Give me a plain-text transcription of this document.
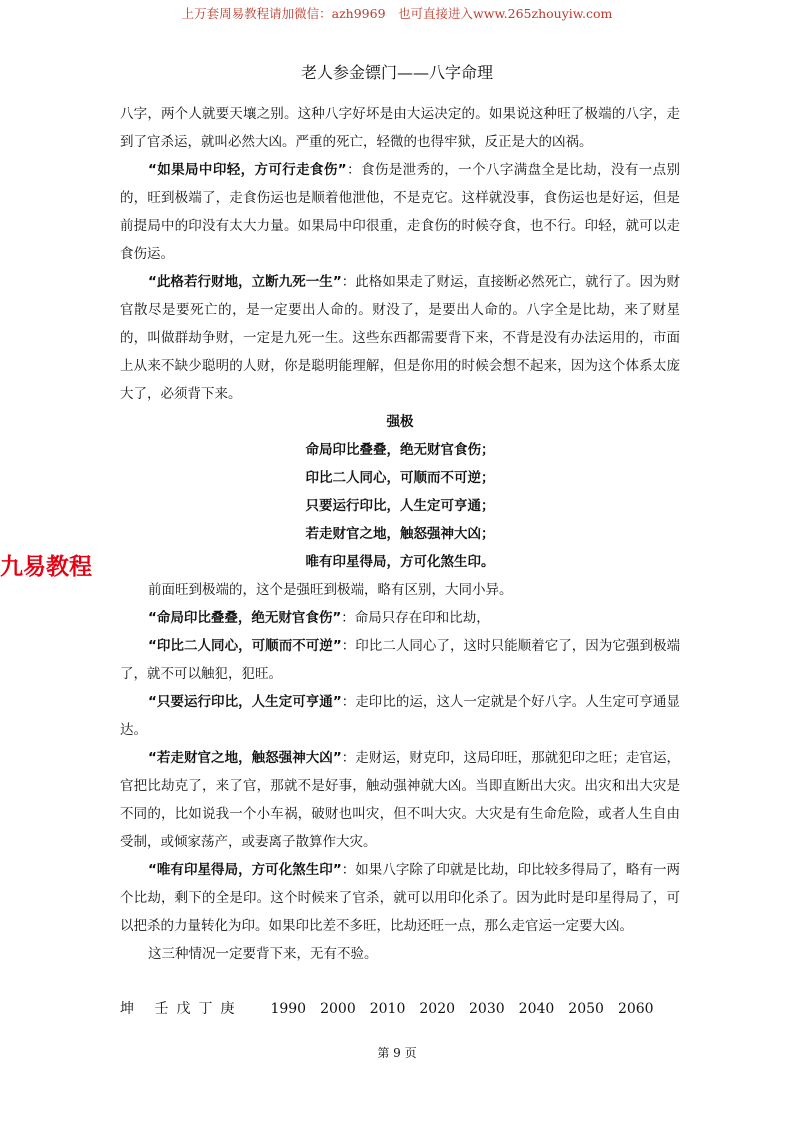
上万套周易教程请加微信：azh9969　也可直接进入www.265zhouyiw.com
老人参金镖门——八字命理

八字，两个人就要天壤之别。这种八字好坏是由大运决定的。如果说这种旺了极端的八字，走到了官杀运，就叫必然大凶。严重的死亡，轻微的也得牢狱，反正是大的凶祸。

“如果局中印轻，方可行走食伤”：食伤是泄秀的，一个八字满盘全是比劫，没有一点别的，旺到极端了，走食伤运也是顺着他泄他，不是克它。这样就没事，食伤运也是好运，但是前提局中的印没有太大力量。如果局中印很重，走食伤的时候夺食，也不行。印轻，就可以走食伤运。

“此格若行财地，立断九死一生”：此格如果走了财运，直接断必然死亡，就行了。因为财官散尽是要死亡的，是一定要出人命的。财没了，是要出人命的。八字全是比劫，来了财星的，叫做群劫争财，一定是九死一生。这些东西都需要背下来，不背是没有办法运用的，市面上从来不缺少聪明的人财，你是聪明能理解，但是你用的时候会想不起来，因为这个体系太庞大了，必须背下来。

强极

命局印比叠叠，绝无财官食伤；

印比二人同心，可顺而不可逆；

只要运行印比，人生定可亨通；

若走财官之地，触怒强神大凶；

唯有印星得局，方可化煞生印。

前面旺到极端的，这个是强旺到极端，略有区别，大同小异。

“命局印比叠叠，绝无财官食伤”：命局只存在印和比劫，

“印比二人同心，可顺而不可逆”：印比二人同心了，这时只能顺着它了，因为它强到极端了，就不可以触犯，犯旺。

“只要运行印比，人生定可亨通”：走印比的运，这人一定就是个好八字。人生定可亨通显达。

“若走财官之地，触怒强神大凶”：走财运，财克印，这局印旺，那就犯印之旺；走官运，官把比劫克了，来了官，那就不是好事，触动强神就大凶。当即直断出大灾。出灾和出大灾是不同的，比如说我一个小车祸，破财也叫灾，但不叫大灾。大灾是有生命危险，或者人生自由受制，或倾家荡产，或妻离子散算作大灾。

“唯有印星得局，方可化煞生印”：如果八字除了印就是比劫，印比较多得局了，略有一两个比劫，剩下的全是印。这个时候来了官杀，就可以用印化杀了。因为此时是印星得局了，可以把杀的力量转化为印。如果印比差不多旺，比劫还旺一点，那么走官运一定要大凶。

这三种情况一定要背下来，无有不验。

九易教程
坤 壬戊丁庚 1990 2000 2010 2020 2030 2040 2050 2060
第 9 页
